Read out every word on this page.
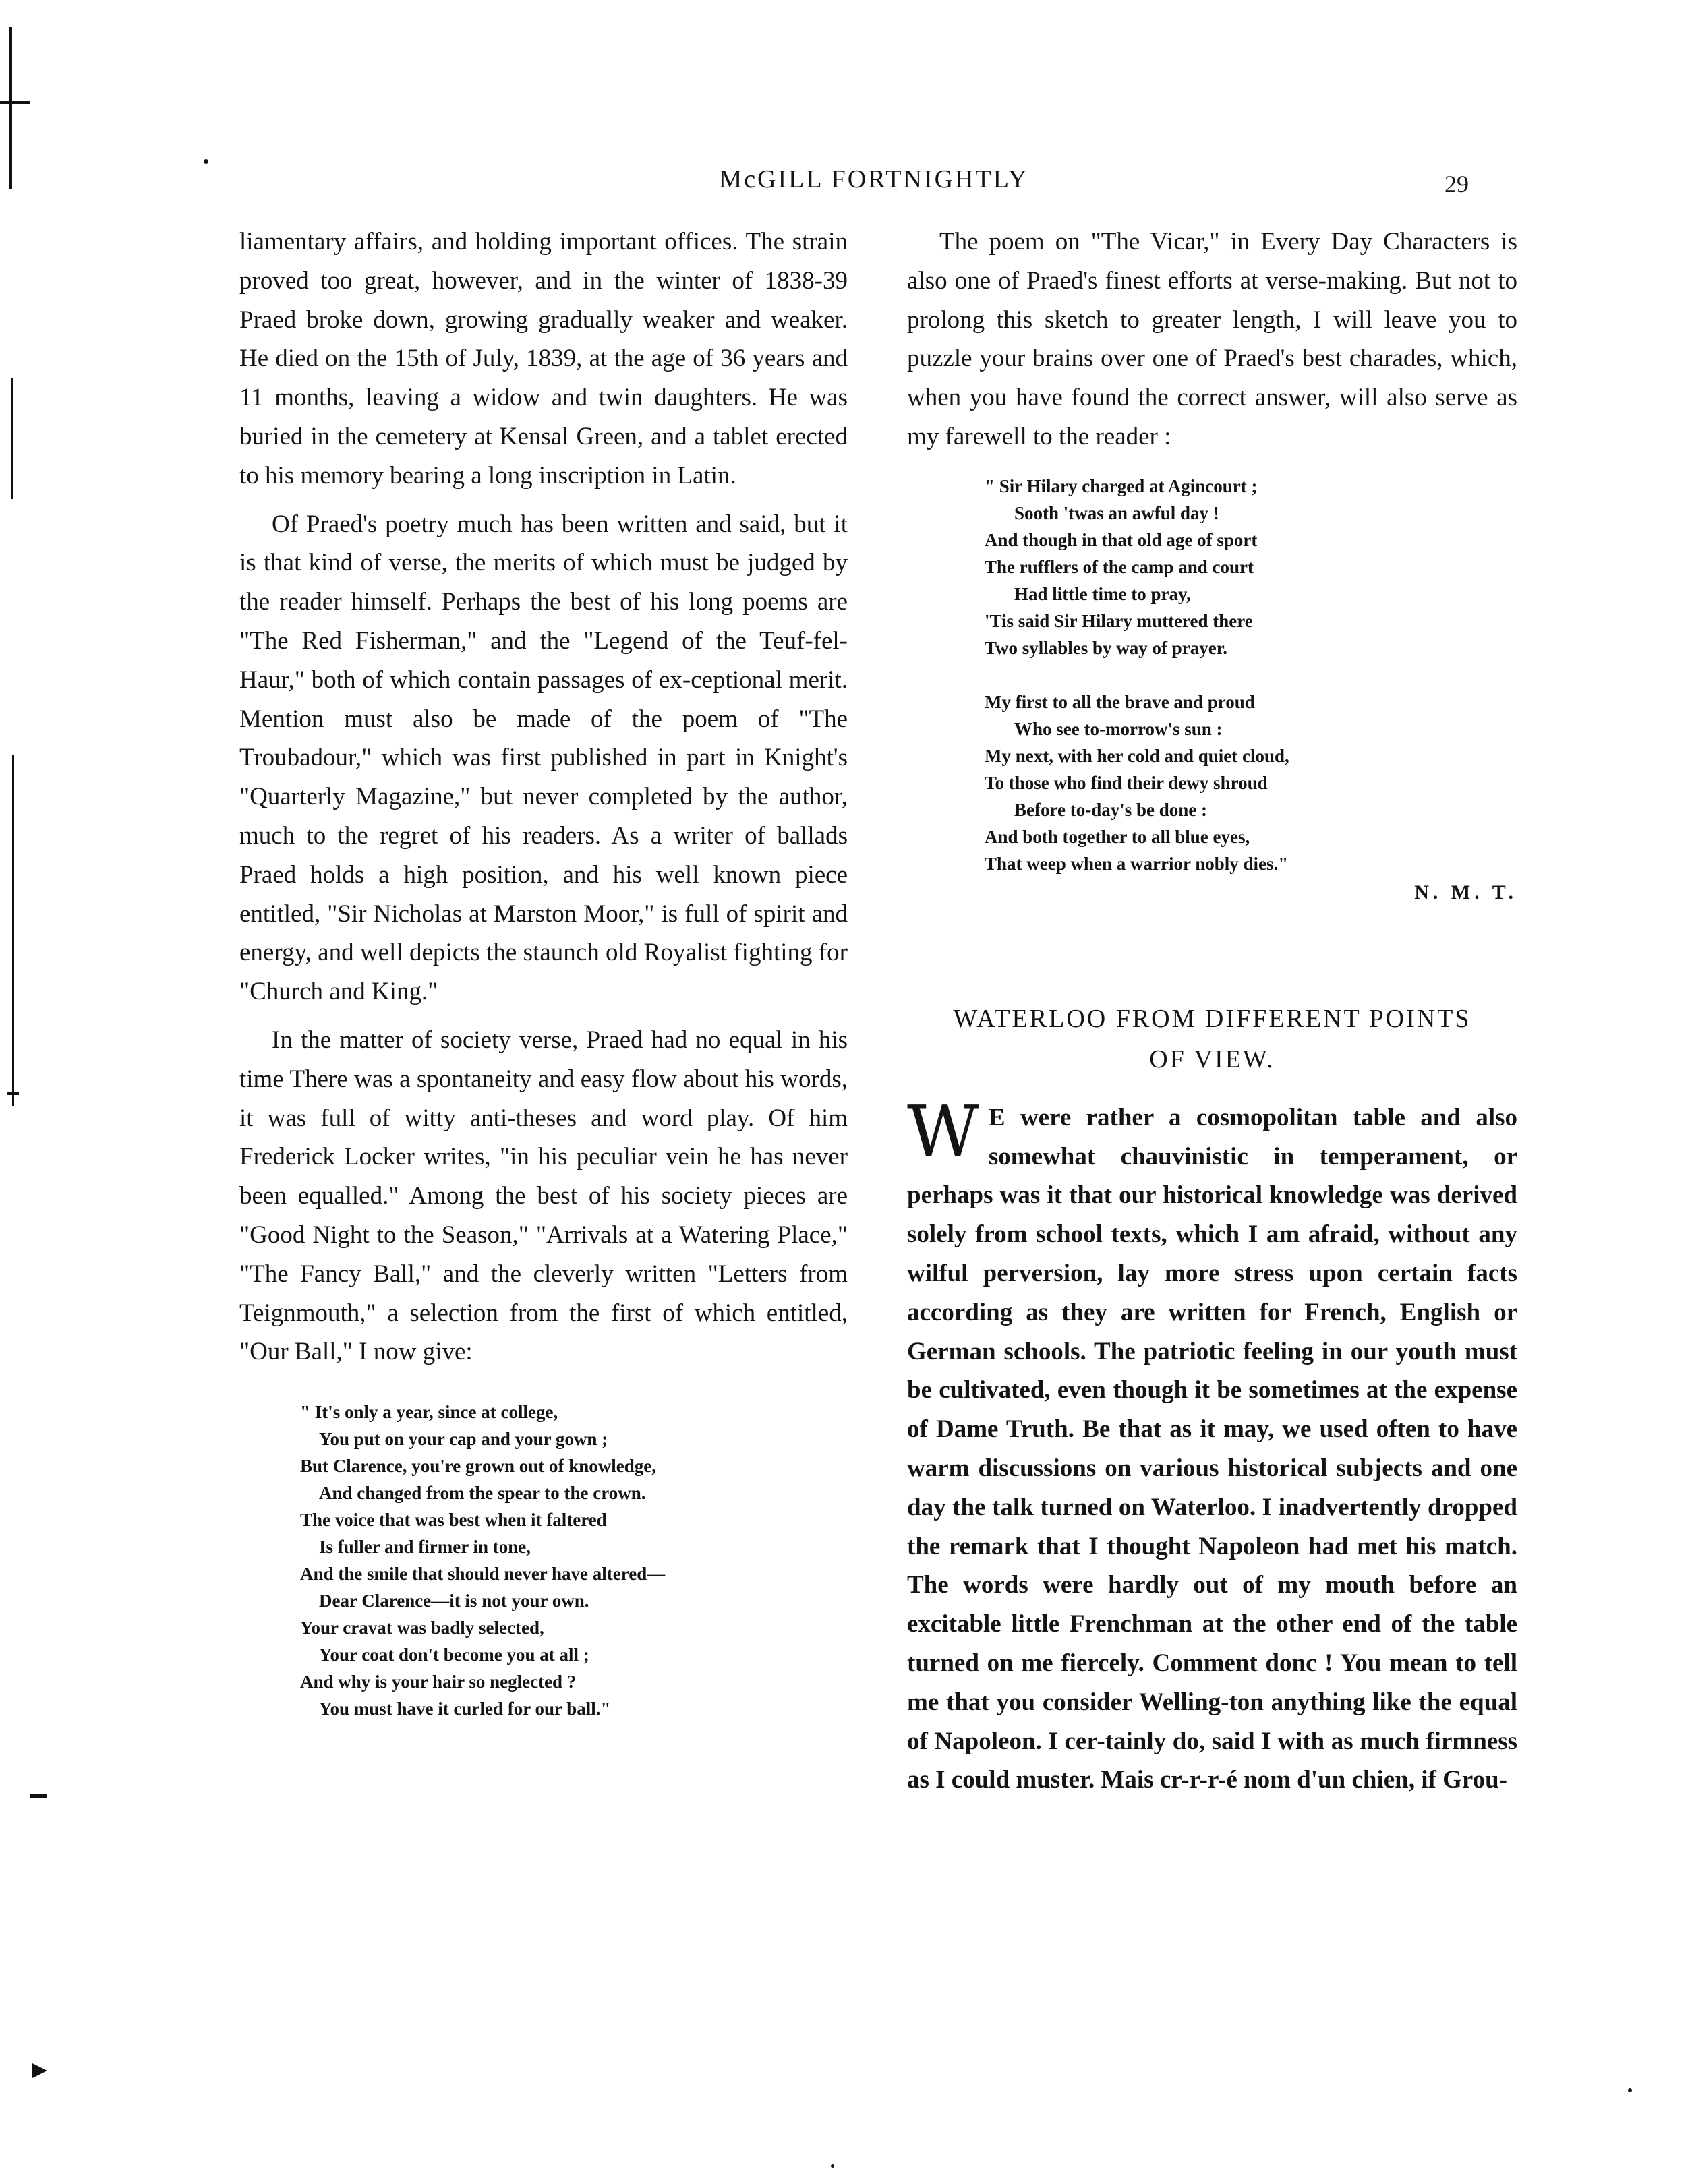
McGILL FORTNIGHTLY	29

liamentary affairs, and holding important offices. The strain proved too great, however, and in the winter of 1838-39 Praed broke down, growing gradually weaker and weaker. He died on the 15th of July, 1839, at the age of 36 years and 11 months, leaving a widow and twin daughters. He was buried in the cemetery at Kensal Green, and a tablet erected to his memory bearing a long inscription in Latin.

Of Praed's poetry much has been written and said, but it is that kind of verse, the merits of which must be judged by the reader himself. Perhaps the best of his long poems are "The Red Fisherman," and the "Legend of the Teuf-fel-Haur," both of which contain passages of ex-ceptional merit. Mention must also be made of the poem of "The Troubadour," which was first published in part in Knight's "Quarterly Magazine," but never completed by the author, much to the regret of his readers. As a writer of ballads Praed holds a high position, and his well known piece entitled, "Sir Nicholas at Marston Moor," is full of spirit and energy, and well depicts the staunch old Royalist fighting for "Church and King."

In the matter of society verse, Praed had no equal in his time There was a spontaneity and easy flow about his words, it was full of witty anti-theses and word play. Of him Frederick Locker writes, "in his peculiar vein he has never been equalled." Among the best of his society pieces are "Good Night to the Season," "Arrivals at a Watering Place," "The Fancy Ball," and the cleverly written "Letters from Teignmouth," a selection from the first of which entitled, "Our Ball," I now give:

" It's only a year, since at college,
You put on your cap and your gown ;
But Clarence, you're grown out of knowledge,
And changed from the spear to the crown.
The voice that was best when it faltered
Is fuller and firmer in tone,
And the smile that should never have altered—
Dear Clarence—it is not your own.
Your cravat was badly selected,
Your coat don't become you at all ;
And why is your hair so neglected ?
You must have it curled for our ball."

The poem on "The Vicar," in Every Day Characters is also one of Praed's finest efforts at verse-making. But not to prolong this sketch to greater length, I will leave you to puzzle your brains over one of Praed's best charades, which, when you have found the correct answer, will also serve as my farewell to the reader :

" Sir Hilary charged at Agincourt ;
Sooth 'twas an awful day !
And though in that old age of sport
The rufflers of the camp and court
Had little time to pray,
'Tis said Sir Hilary muttered there
Two syllables by way of prayer.
My first to all the brave and proud
Who see to-morrow's sun :
My next, with her cold and quiet cloud,
To those who find their dewy shroud
Before to-day's be done :
And both together to all blue eyes,
That weep when a warrior nobly dies."
N. M. T.
WATERLOO FROM DIFFERENT POINTS
OF VIEW.
W E were rather a cosmopolitan table and also somewhat chauvinistic in temperament, or perhaps was it that our historical knowledge was derived solely from school texts, which I am afraid, without any wilful perversion, lay more stress upon certain facts according as they are written for French, English or German schools. The patriotic feeling in our youth must be cultivated, even though it be sometimes at the expense of Dame Truth. Be that as it may, we used often to have warm discussions on various historical subjects and one day the talk turned on Waterloo. I inadvertently dropped the remark that I thought Napoleon had met his match. The words were hardly out of my mouth before an excitable little Frenchman at the other end of the table turned on me fiercely. Comment donc ! You mean to tell me that you consider Welling-ton anything like the equal of Napoleon. I cer-tainly do, said I with as much firmness as I could muster. Mais cr-r-r-é nom d'un chien, if Grou-
